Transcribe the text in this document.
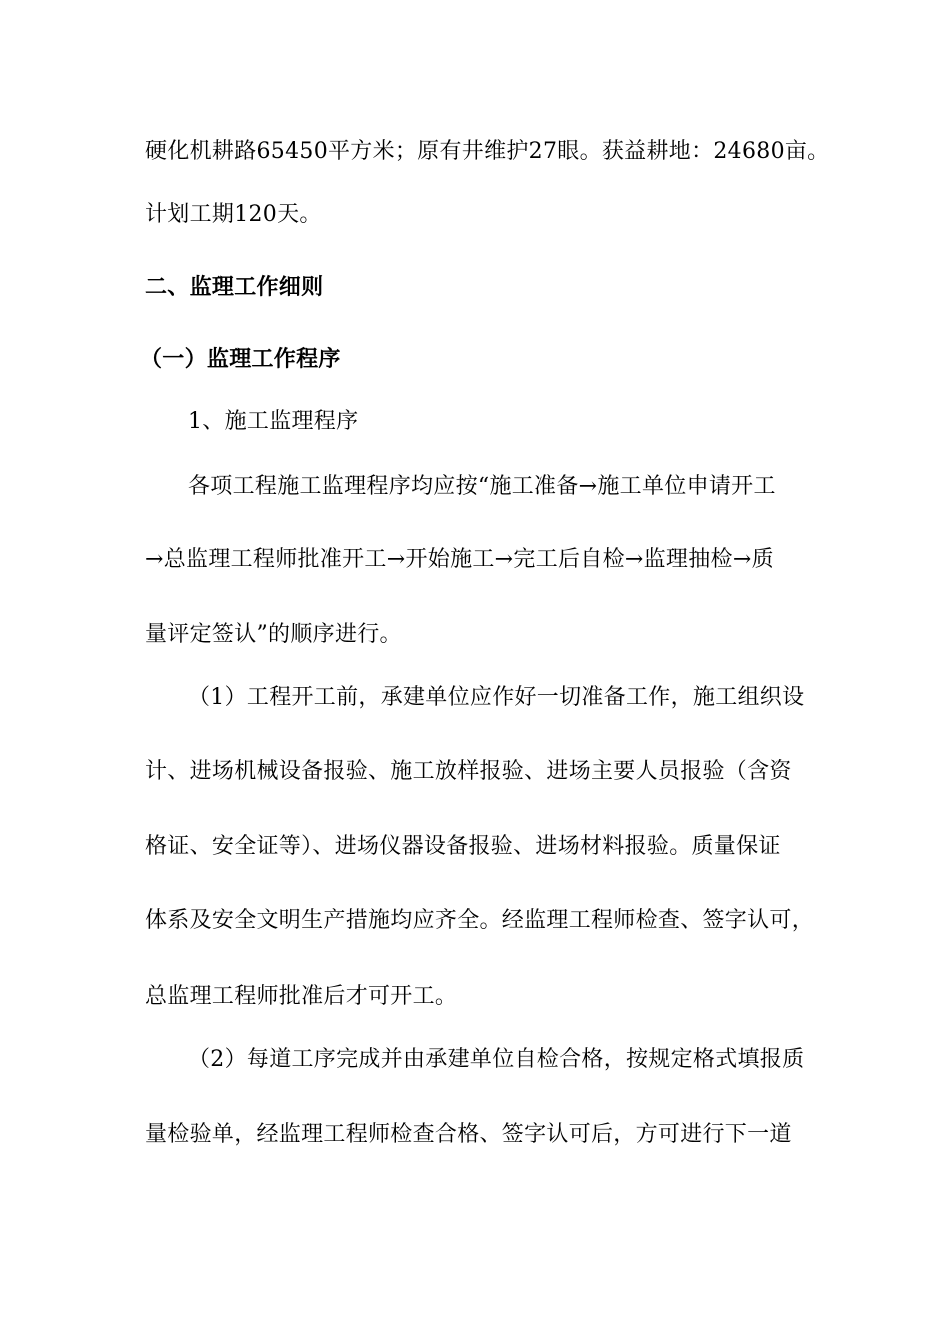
硬化机耕路65450平方米；原有井维护27眼。获益耕地：24680亩。

计划工期120天。

二、监理工作细则

（一）监理工作程序

1、施工监理程序

各项工程施工监理程序均应按“施工准备→施工单位申请开工

→总监理工程师批准开工→开始施工→完工后自检→监理抽检→质

量评定签认”的顺序进行。

（1）工程开工前，承建单位应作好一切准备工作，施工组织设

计、进场机械设备报验、施工放样报验、进场主要人员报验（含资

格证、安全证等）、进场仪器设备报验、进场材料报验。质量保证

体系及安全文明生产措施均应齐全。经监理工程师检查、签字认可，

总监理工程师批准后才可开工。

（2）每道工序完成并由承建单位自检合格，按规定格式填报质

量检验单，经监理工程师检查合格、签字认可后，方可进行下一道
